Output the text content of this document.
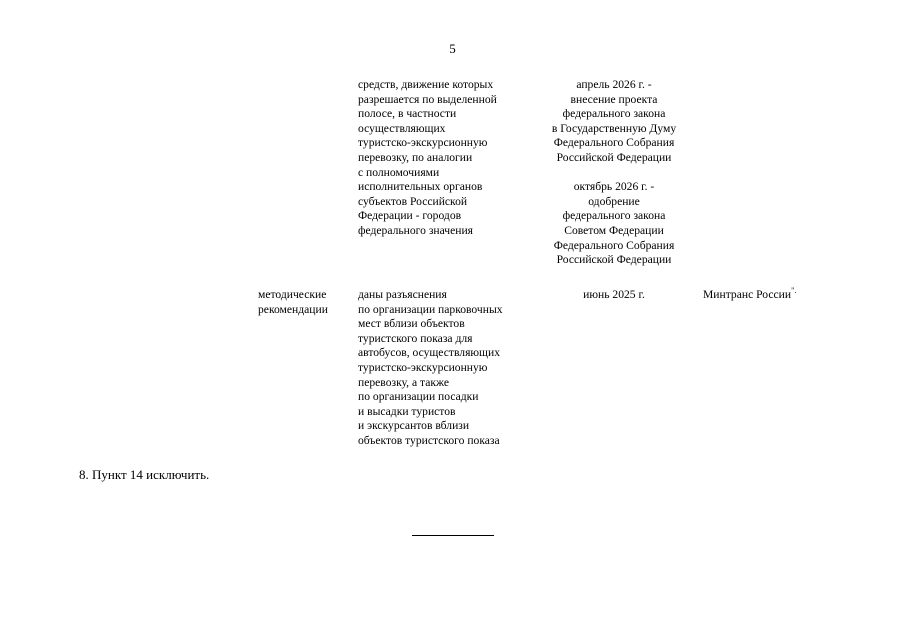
5
средств, движение которых
разрешается по выделенной
полосе, в частности
осуществляющих
туристско-экскурсионную
перевозку, по аналогии
с полномочиями
исполнительных органов
субъектов Российской
Федерации - городов
федерального значения
апрель 2026 г. -
внесение проекта
федерального закона
в Государственную Думу
Федерального Собрания
Российской Федерации

октябрь 2026 г. -
одобрение
федерального закона
Советом Федерации
Федерального Собрания
Российской Федерации
методические
рекомендации
даны разъяснения
по организации парковочных
мест вблизи объектов
туристского показа для
автобусов, осуществляющих
туристско-экскурсионную
перевозку, а также
по организации посадки
и высадки туристов
и экскурсантов вблизи
объектов туристского показа
июнь 2025 г.	Минтранс России".
8. Пункт 14 исключить.
